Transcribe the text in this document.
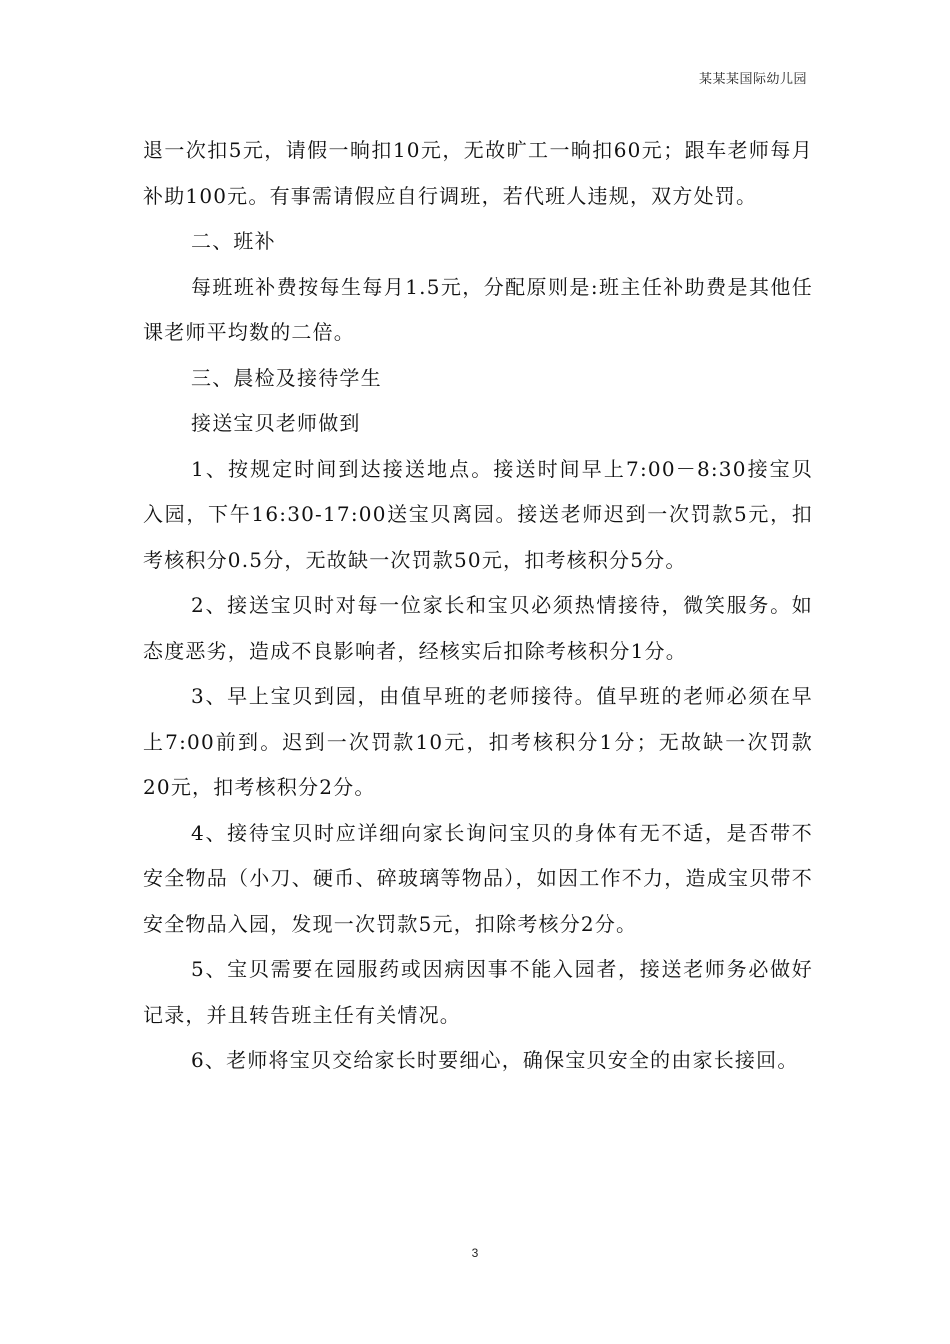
某某某国际幼儿园

退一次扣5元，请假一晌扣10元，无故旷工一晌扣60元；跟车老师每月补助100元。有事需请假应自行调班，若代班人违规，双方处罚。

二、班补

每班班补费按每生每月1.5元，分配原则是:班主任补助费是其他任课老师平均数的二倍。

三、晨检及接待学生

接送宝贝老师做到

1、按规定时间到达接送地点。接送时间早上7:00－8:30接宝贝入园，下午16:30-17:00送宝贝离园。接送老师迟到一次罚款5元，扣考核积分0.5分，无故缺一次罚款50元，扣考核积分5分。

2、接送宝贝时对每一位家长和宝贝必须热情接待，微笑服务。如态度恶劣，造成不良影响者，经核实后扣除考核积分1分。

3、早上宝贝到园，由值早班的老师接待。值早班的老师必须在早上7:00前到。迟到一次罚款10元，扣考核积分1分；无故缺一次罚款20元，扣考核积分2分。

4、接待宝贝时应详细向家长询问宝贝的身体有无不适，是否带不安全物品（小刀、硬币、碎玻璃等物品），如因工作不力，造成宝贝带不安全物品入园，发现一次罚款5元，扣除考核分2分。

5、宝贝需要在园服药或因病因事不能入园者，接送老师务必做好记录，并且转告班主任有关情况。

6、老师将宝贝交给家长时要细心，确保宝贝安全的由家长接回。

3
